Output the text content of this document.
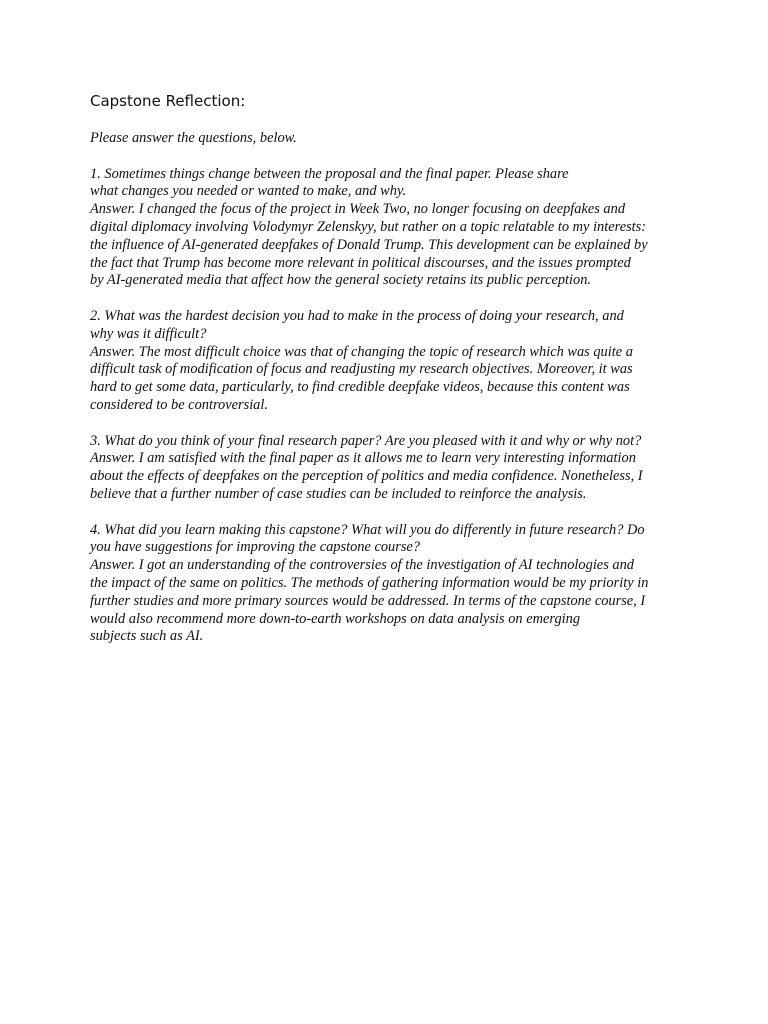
Capstone Reflection:

Please answer the questions, below.

1. Sometimes things change between the proposal and the final paper. Please share
what changes you needed or wanted to make, and why.
Answer. I changed the focus of the project in Week Two, no longer focusing on deepfakes and
digital diplomacy involving Volodymyr Zelenskyy, but rather on a topic relatable to my interests:
the influence of AI-generated deepfakes of Donald Trump. This development can be explained by
the fact that Trump has become more relevant in political discourses, and the issues prompted
by AI-generated media that affect how the general society retains its public perception.

2. What was the hardest decision you had to make in the process of doing your research, and
why was it difficult?
Answer. The most difficult choice was that of changing the topic of research which was quite a
difficult task of modification of focus and readjusting my research objectives. Moreover, it was
hard to get some data, particularly, to find credible deepfake videos, because this content was
considered to be controversial.

3. What do you think of your final research paper? Are you pleased with it and why or why not?
Answer. I am satisfied with the final paper as it allows me to learn very interesting information
about the effects of deepfakes on the perception of politics and media confidence. Nonetheless, I
believe that a further number of case studies can be included to reinforce the analysis.

4. What did you learn making this capstone? What will you do differently in future research? Do
you have suggestions for improving the capstone course?
Answer. I got an understanding of the controversies of the investigation of AI technologies and
the impact of the same on politics. The methods of gathering information would be my priority in
further studies and more primary sources would be addressed. In terms of the capstone course, I
would also recommend more down-to-earth workshops on data analysis on emerging
subjects such as AI.
